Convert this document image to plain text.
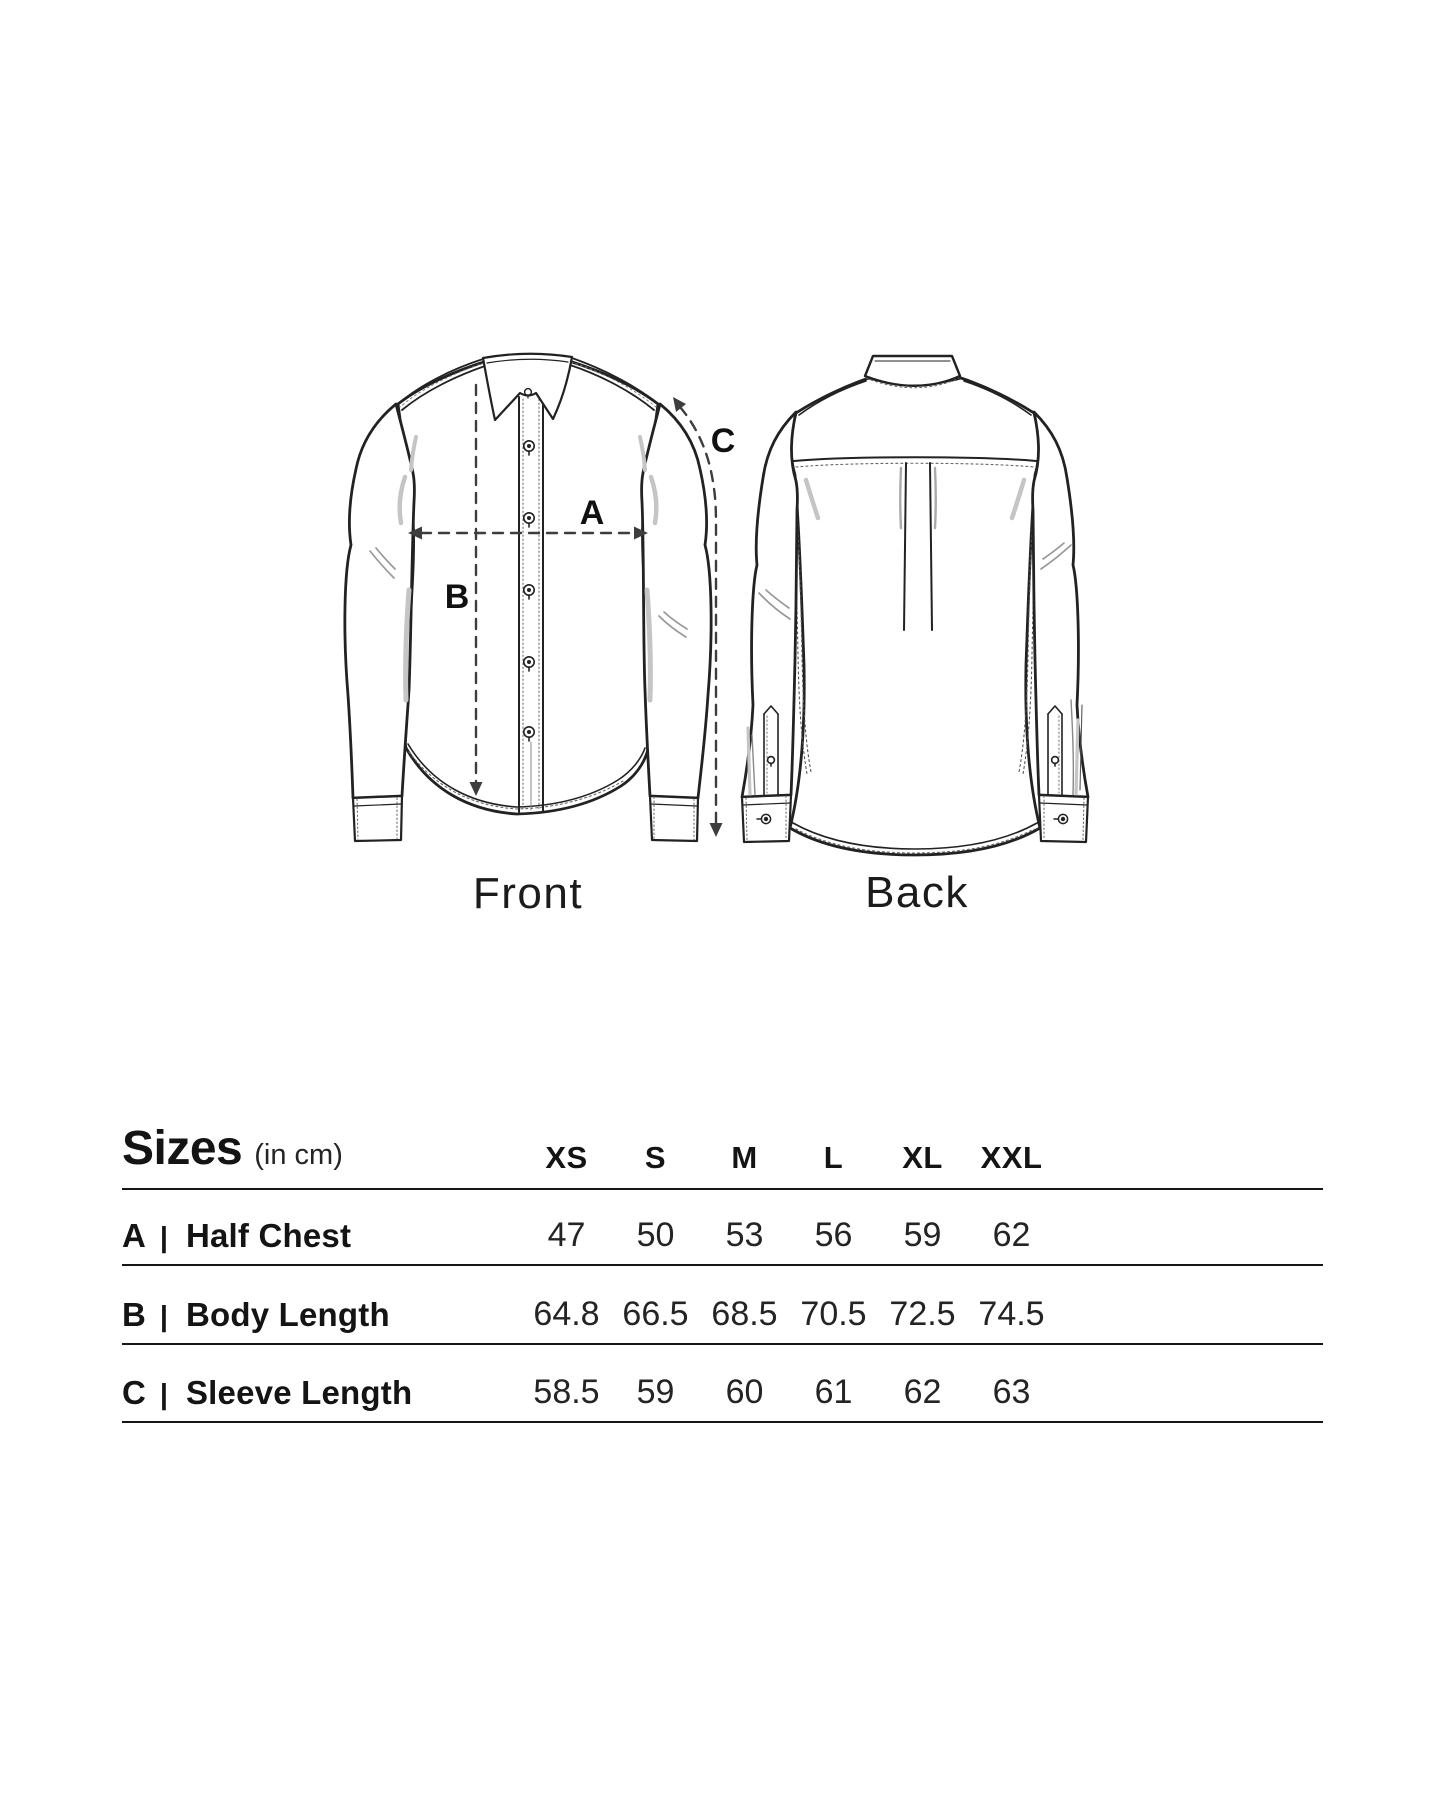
A
B
C
Front	Back
Sizes (in cm)	XS	S	M	L	XL	XXL
A | Half Chest	47	50	53	56	59	62
B | Body Length	64.8 66.5 68.5 70.5 72.5 74.5
C | Sleeve Length	58.5	59	60	61	62	63
